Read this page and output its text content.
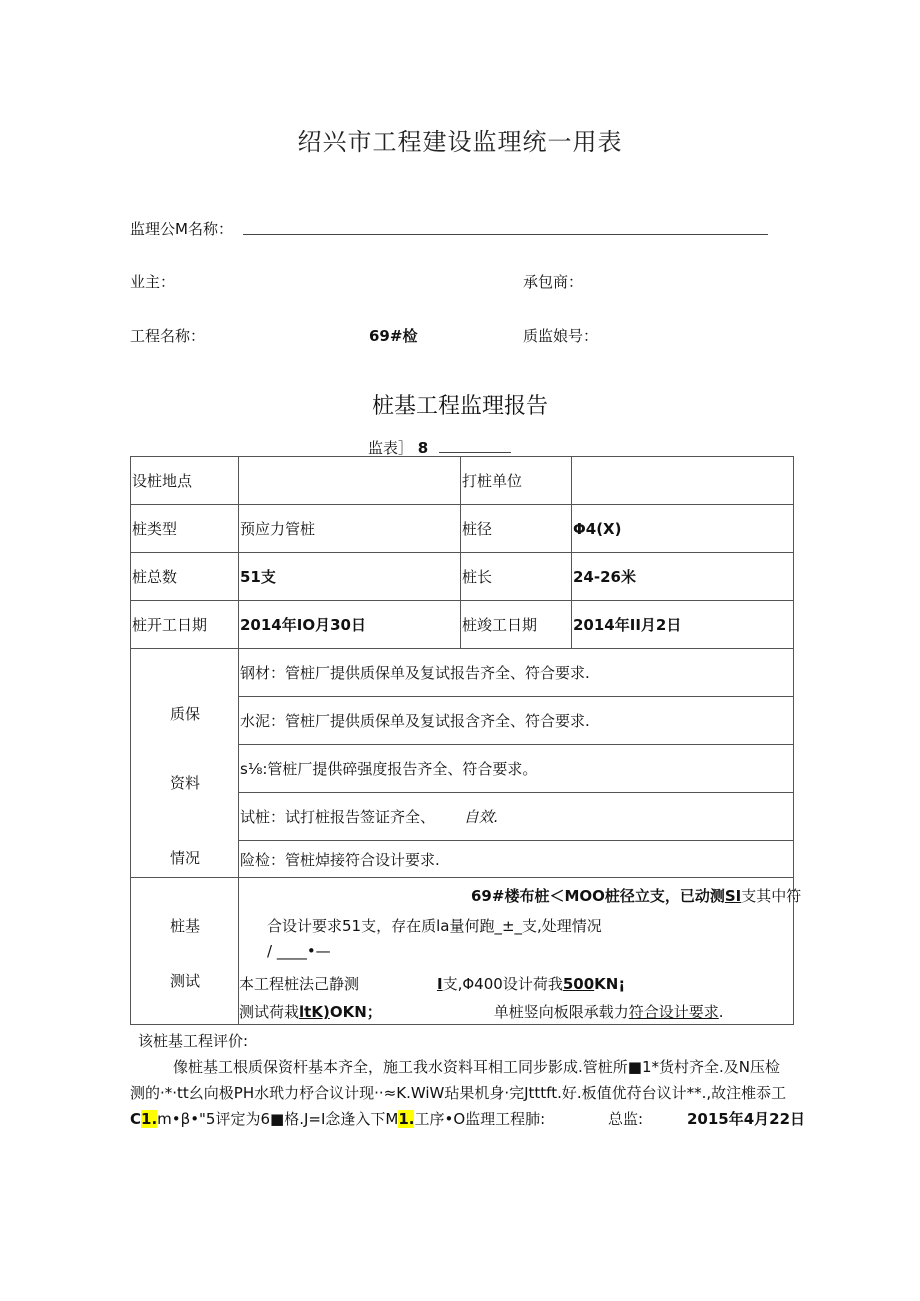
绍兴市工程建设监理统一用表
监理公M名称：
业主：	承包商：
工程名称：	69#检	质监娘号：
桩基工程监理报告
监表］ 8
设桩地点		打桩单位	
桩类型	预应力管桩	桩径	Φ4(X)
桩总数	51支	桩长	24-26米
桩开工日期	2014年IO月30日	桩竣工日期	2014年II月2日

质保
资料
情况	钢材：管桩厂提供质保单及复试报告齐全、符合要求.		
	水泥：管桩厂提供质保单及复试报含齐全、符合要求.		
	s⅛:管桩厂提供碎强度报告齐全、符合要求。		
	试桩：试打桩报告签证齐全、 自效.		
	险检：管桩焯接符合设计要求.		

桩基
测试

69#楼布桩＜MOO桩径立支，已动测SI支其中符
合设计要求51支，存在质la量何跑_±_支,处理情况
/ ____•—
本工程桩法己静测	I支,Φ400设计荷我500KN¡
测试荷栽ltK)OKN；	单桩竖向板限承载力符合设计要求.
该桩基工程评价:
像桩基工根质保资杆基本齐全，施工我水资料耳相工同步影成.管桩所■1*货村齐全.及N压检
测的·*·tt幺向极PH水玳力杼合议计现··≈K.WiW玷果机身·完Jtttft.好.板值优苻台议计**.,故注椎忝工
C1.m•β•"5评定为6■格.J=I念逢入下M1.工序•O监理工程肺:	总监:	2015年4月22日
